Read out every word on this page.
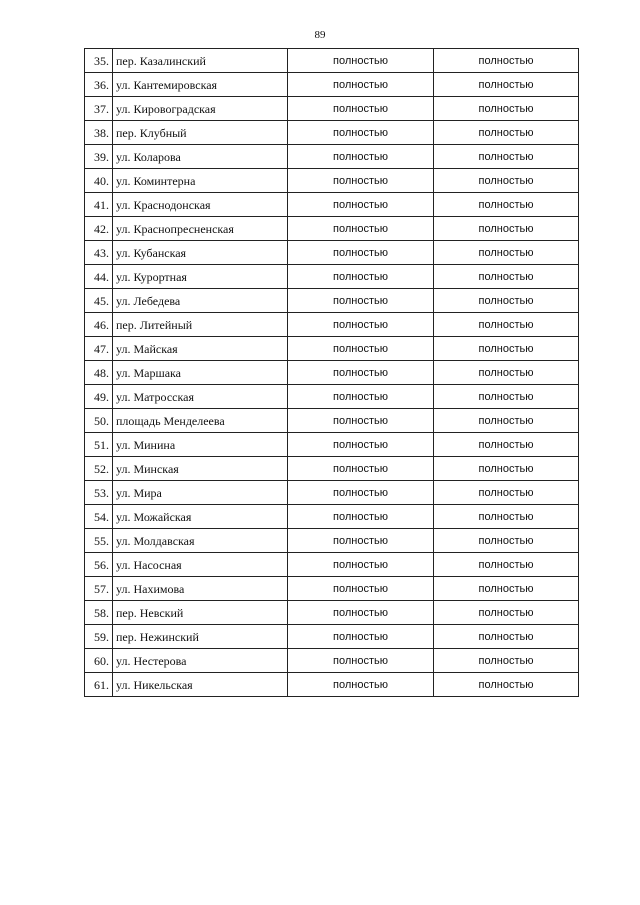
89
35.	пер. Казалинский	полностью	полностью
36.	ул. Кантемировская	полностью	полностью
37.	ул. Кировоградская	полностью	полностью
38.	пер. Клубный	полностью	полностью
39.	ул. Коларова	полностью	полностью
40.	ул. Коминтерна	полностью	полностью
41.	ул. Краснодонская	полностью	полностью
42.	ул. Краснопресненская	полностью	полностью
43.	ул. Кубанская	полностью	полностью
44.	ул. Курортная	полностью	полностью
45.	ул. Лебедева	полностью	полностью
46.	пер. Литейный	полностью	полностью
47.	ул. Майская	полностью	полностью
48.	ул. Маршака	полностью	полностью
49.	ул. Матросская	полностью	полностью
50.	площадь Менделеева	полностью	полностью
51.	ул. Минина	полностью	полностью
52.	ул. Минская	полностью	полностью
53.	ул. Мира	полностью	полностью
54.	ул. Можайская	полностью	полностью
55.	ул. Молдавская	полностью	полностью
56.	ул. Насосная	полностью	полностью
57.	ул. Нахимова	полностью	полностью
58.	пер. Невский	полностью	полностью
59.	пер. Нежинский	полностью	полностью
60.	ул. Нестерова	полностью	полностью
61.	ул. Никельская	полностью	полностью
